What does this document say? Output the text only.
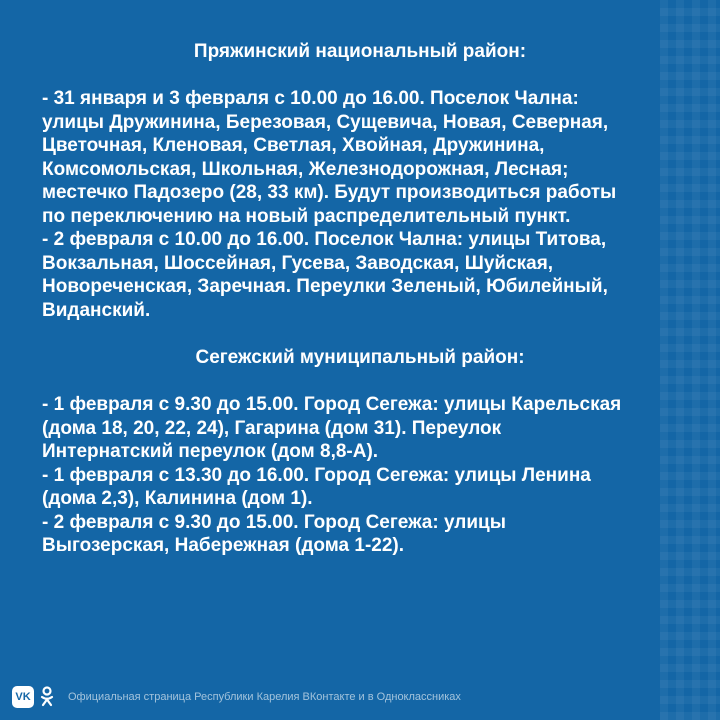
Пряжинский национальный район:
- 31 января и 3 февраля с 10.00 до 16.00. Поселок Чална:
улицы Дружинина, Березовая, Сущевича, Новая, Северная,
Цветочная, Кленовая, Светлая, Хвойная, Дружинина,
Комсомольская, Школьная, Железнодорожная, Лесная;
местечко Падозеро (28, 33 км). Будут производиться работы
по переключению на новый распределительный пункт.
- 2 февраля с 10.00 до 16.00. Поселок Чална: улицы Титова,
Вокзальная, Шоссейная, Гусева, Заводская, Шуйская,
Новореченская, Заречная. Переулки Зеленый, Юбилейный,
Виданский.
Сегежский муниципальный район:
- 1 февраля с 9.30 до 15.00. Город Сегежа: улицы Карельская
(дома 18, 20, 22, 24), Гагарина (дом 31). Переулок
Интернатский переулок (дом 8,8-А).
- 1 февраля с 13.30 до 16.00. Город Сегежа: улицы Ленина
(дома 2,3), Калинина (дом 1).
- 2 февраля с 9.30 до 15.00. Город Сегежа: улицы
Выгозерская, Набережная (дома 1-22).
VK	Официальная страница Республики Карелия ВКонтакте и в Одноклассниках
